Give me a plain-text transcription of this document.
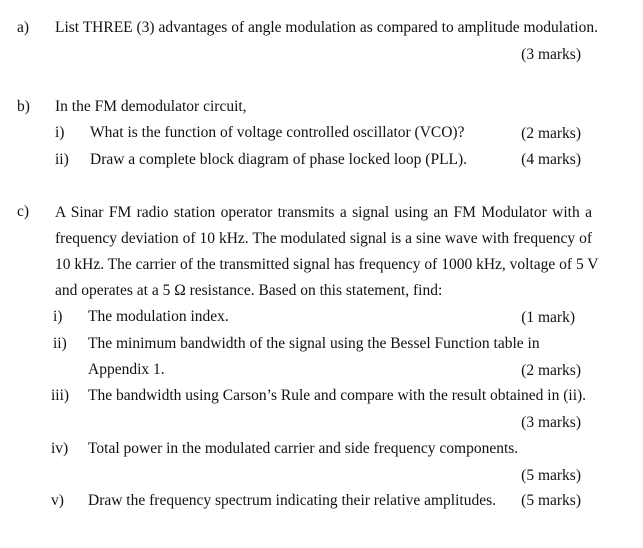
a) List THREE (3) advantages of angle modulation as compared to amplitude modulation.
(3 marks)
b) In the FM demodulator circuit,
i) What is the function of voltage controlled oscillator (VCO)?	(2 marks)
ii) Draw a complete block diagram of phase locked loop (PLL).	(4 marks)
c) A Sinar FM radio station operator transmits a signal using an FM Modulator with a
frequency deviation of 10 kHz. The modulated signal is a sine wave with frequency of
10 kHz. The carrier of the transmitted signal has frequency of 1000 kHz, voltage of 5 V
and operates at a 5 Ω resistance. Based on this statement, find:
i) The modulation index.	(1 mark)
ii) The minimum bandwidth of the signal using the Bessel Function table in
Appendix 1.	(2 marks)
iii) The bandwidth using Carson’s Rule and compare with the result obtained in (ii).
(3 marks)
iv) Total power in the modulated carrier and side frequency components.
(5 marks)
v) Draw the frequency spectrum indicating their relative amplitudes. (5 marks)
